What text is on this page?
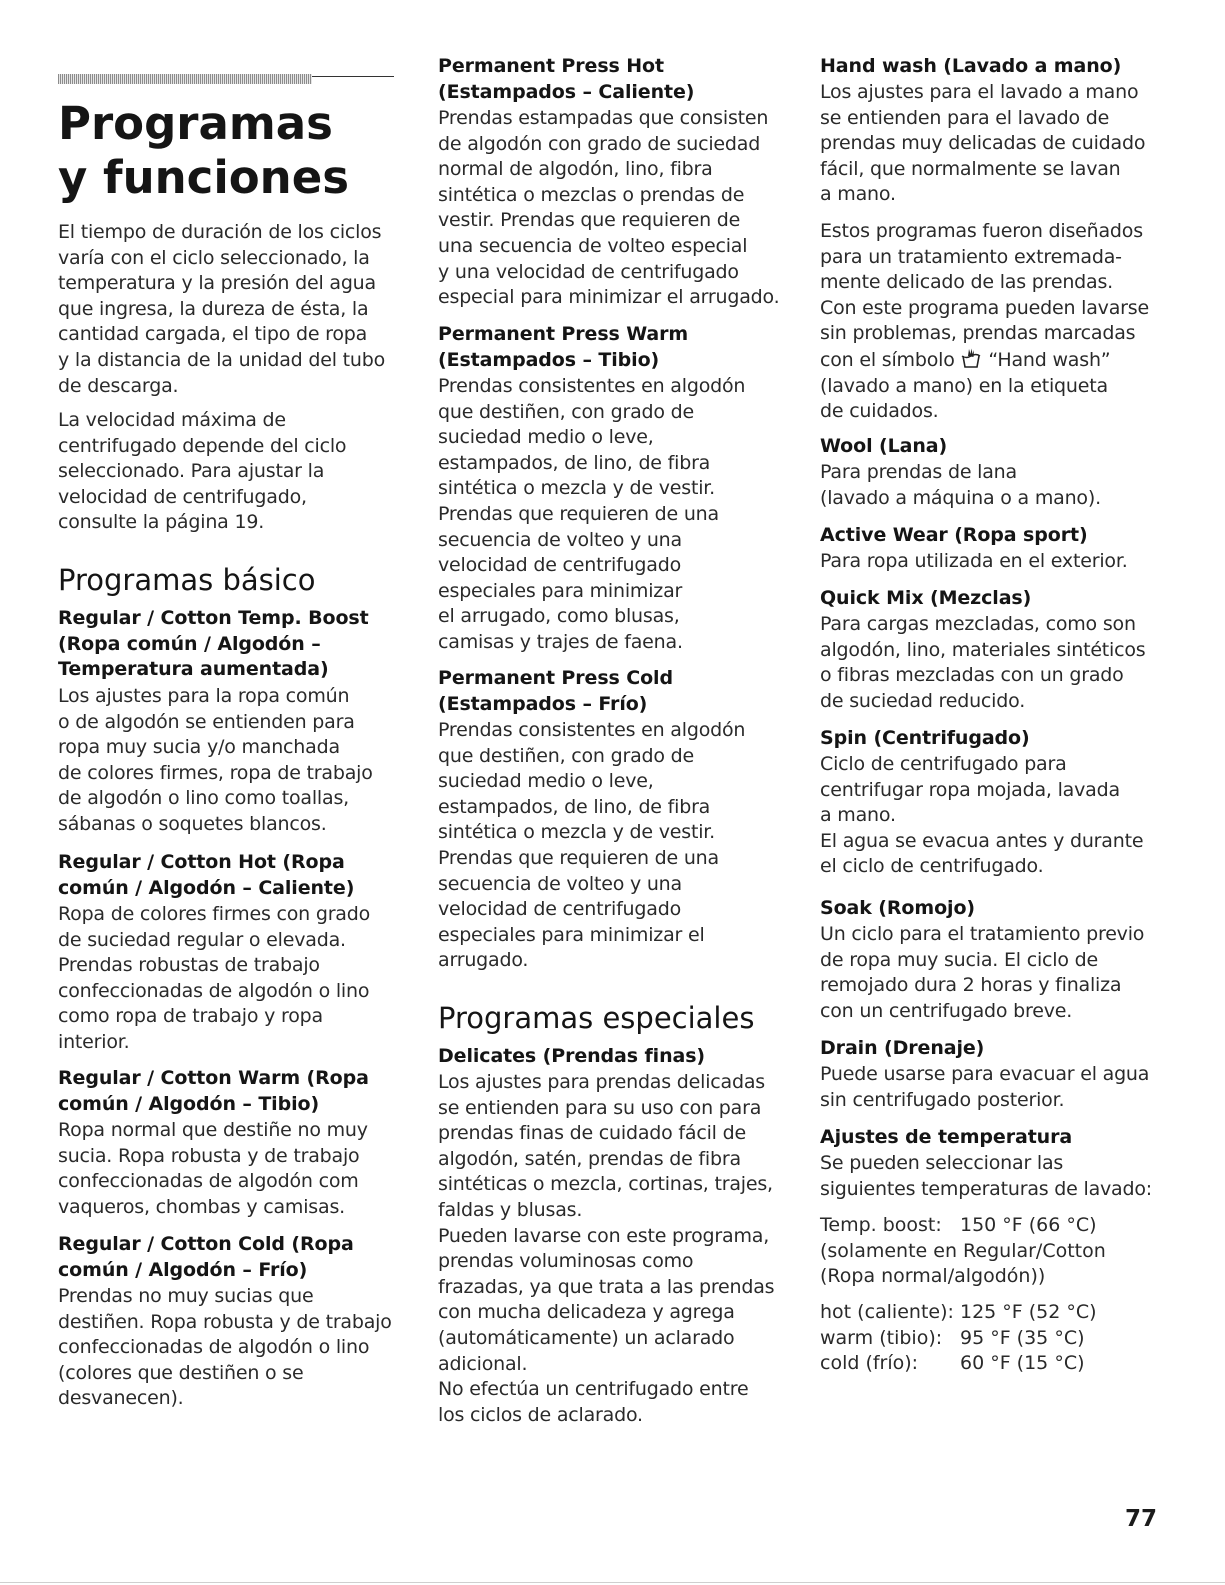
Programas
y funciones

El tiempo de duración de los ciclos
varía con el ciclo seleccionado, la
temperatura y la presión del agua
que ingresa, la dureza de ésta, la
cantidad cargada, el tipo de ropa
y la distancia de la unidad del tubo
de descarga.

La velocidad máxima de
centrifugado depende del ciclo
seleccionado. Para ajustar la
velocidad de centrifugado,
consulte la página 19.

Programas básico
Regular / Cotton Temp. Boost
(Ropa común / Algodón –
Temperatura aumentada)

Los ajustes para la ropa común
o de algodón se entienden para
ropa muy sucia y/o manchada
de colores firmes, ropa de trabajo
de algodón o lino como toallas,
sábanas o soquetes blancos.

Regular / Cotton Hot (Ropa
común / Algodón – Caliente)

Ropa de colores firmes con grado
de suciedad regular o elevada.
Prendas robustas de trabajo
confeccionadas de algodón o lino
como ropa de trabajo y ropa
interior.

Regular / Cotton Warm (Ropa
común / Algodón – Tibio)

Ropa normal que destiñe no muy
sucia. Ropa robusta y de trabajo
confeccionadas de algodón com
vaqueros, chombas y camisas.

Regular / Cotton Cold (Ropa
común / Algodón – Frío)

Prendas no muy sucias que
destiñen. Ropa robusta y de trabajo
confeccionadas de algodón o lino
(colores que destiñen o se
desvanecen).

Permanent Press Hot
(Estampados – Caliente)

Prendas estampadas que consisten
de algodón con grado de suciedad
normal de algodón, lino, fibra
sintética o mezclas o prendas de
vestir. Prendas que requieren de
una secuencia de volteo especial
y una velocidad de centrifugado
especial para minimizar el arrugado.

Permanent Press Warm
(Estampados – Tibio)

Prendas consistentes en algodón
que destiñen, con grado de
suciedad medio o leve,
estampados, de lino, de fibra
sintética o mezcla y de vestir.
Prendas que requieren de una
secuencia de volteo y una
velocidad de centrifugado
especiales para minimizar
el arrugado, como blusas,
camisas y trajes de faena.

Permanent Press Cold
(Estampados – Frío)

Prendas consistentes en algodón
que destiñen, con grado de
suciedad medio o leve,
estampados, de lino, de fibra
sintética o mezcla y de vestir.
Prendas que requieren de una
secuencia de volteo y una
velocidad de centrifugado
especiales para minimizar el
arrugado.

Programas especiales
Delicates (Prendas finas)

Los ajustes para prendas delicadas
se entienden para su uso con para
prendas finas de cuidado fácil de
algodón, satén, prendas de fibra
sintéticas o mezcla, cortinas, trajes,
faldas y blusas.
Pueden lavarse con este programa,
prendas voluminosas como
frazadas, ya que trata a las prendas
con mucha delicadeza y agrega
(automáticamente) un aclarado
adicional.
No efectúa un centrifugado entre
los ciclos de aclarado.

Hand wash (Lavado a mano)

Los ajustes para el lavado a mano
se entienden para el lavado de
prendas muy delicadas de cuidado
fácil, que normalmente se lavan
a mano.

Estos programas fueron diseñados
para un tratamiento extremada-
mente delicado de las prendas.
Con este programa pueden lavarse
sin problemas, prendas marcadas
con el símbolo “Hand wash”
(lavado a mano) en la etiqueta
de cuidados.

Wool (Lana)

Para prendas de lana
(lavado a máquina o a mano).

Active Wear (Ropa sport)

Para ropa utilizada en el exterior.

Quick Mix (Mezclas)

Para cargas mezcladas, como son
algodón, lino, materiales sintéticos
o fibras mezcladas con un grado
de suciedad reducido.

Spin (Centrifugado)

Ciclo de centrifugado para
centrifugar ropa mojada, lavada
a mano.
El agua se evacua antes y durante
el ciclo de centrifugado.

Soak (Romojo)

Un ciclo para el tratamiento previo
de ropa muy sucia. El ciclo de
remojado dura 2 horas y finaliza
con un centrifugado breve.

Drain (Drenaje)

Puede usarse para evacuar el agua
sin centrifugado posterior.

Ajustes de temperatura

Se pueden seleccionar las
siguientes temperaturas de lavado:

Temp. boost: 150 °F (66 °C)
(solamente en Regular/Cotton
(Ropa normal/algodón))
hot (caliente): 125 °F (52 °C)
warm (tibio): 95 °F (35 °C)
cold (frío): 60 °F (15 °C)
77
